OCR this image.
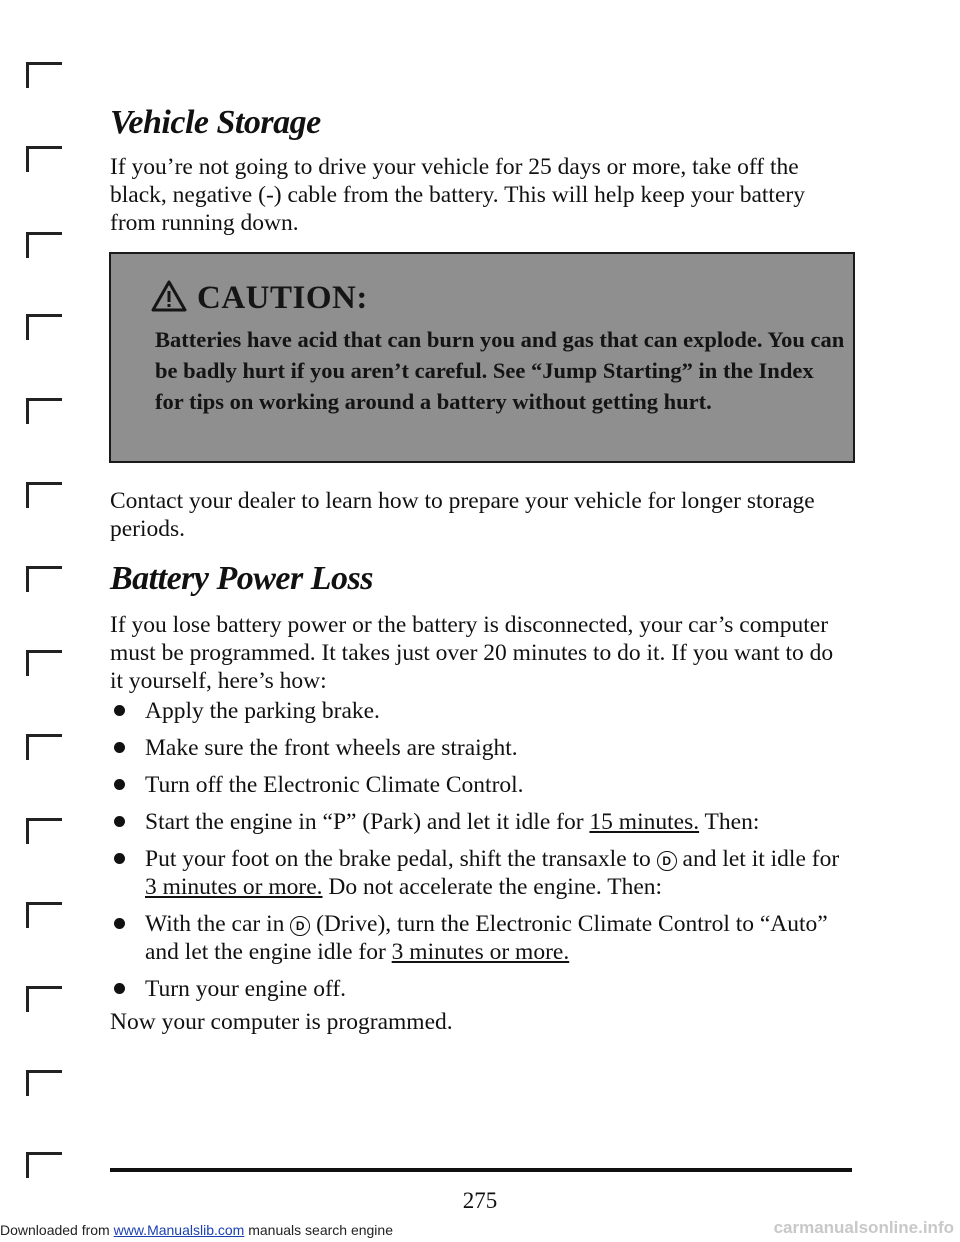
Vehicle Storage

If you’re not going to drive your vehicle for 25 days or more, take off the black, negative (-) cable from the battery. This will help keep your battery from running down.

CAUTION:

Batteries have acid that can burn you and gas that can explode. You can be badly hurt if you aren’t careful. See “Jump Starting” in the Index for tips on working around a battery without getting hurt.

Contact your dealer to learn how to prepare your vehicle for longer storage periods.

Battery Power Loss

If you lose battery power or the battery is disconnected, your car’s computer must be programmed. It takes just over 20 minutes to do it. If you want to do it yourself, here’s how:

Apply the parking brake.
Make sure the front wheels are straight.
Turn off the Electronic Climate Control.
Start the engine in “P” (Park) and let it idle for 15 minutes. Then:
Put your foot on the brake pedal, shift the transaxle to D and let it idle for 3 minutes or more. Do not accelerate the engine. Then:
With the car in D (Drive), turn the Electronic Climate Control to “Auto” and let the engine idle for 3 minutes or more.
Turn your engine off.

Now your computer is programmed.

275
Downloaded from www.Manualslib.com manuals search engine	carmanualsonline.info
